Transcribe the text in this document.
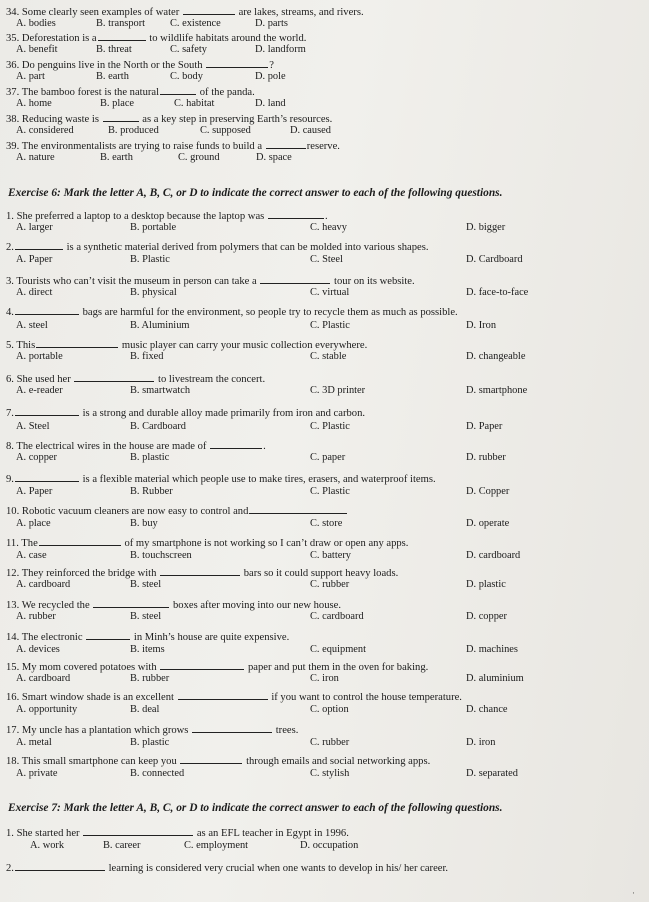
34. Some clearly seen examples of water	are lakes, streams, and rivers.
A. bodies	B. transport C. existence	D. parts
35. Deforestation is a	to wildlife habitats around the world.
A. benefit	B. threat	C. safety	D. landform
36. Do penguins live in the North or the South	?
A. part	B. earth	C. body	D. pole
37. The bamboo forest is the natural	of the panda.
A. home	B. place	C. habitat	D. land
38. Reducing waste is	as a key step in preserving Earth’s resources.
A. considered	B. produced	C. supposed	D. caused
39. The environmentalists are trying to raise funds to build a	reserve.
A. nature	B. earth	C. ground	D. space
Exercise 6: Mark the letter A, B, C, or D to indicate the correct answer to each of the following questions.
1. She preferred a laptop to a desktop because the laptop was	.
A. larger	B. portable	C. heavy	D. bigger
2.	is a synthetic material derived from polymers that can be molded into various shapes.
A. Paper	B. Plastic	C. Steel	D. Cardboard
3. Tourists who can’t visit the museum in person can take a	tour on its website.
A. direct	B. physical	C. virtual	D. face-to-face
4.	bags are harmful for the environment, so people try to recycle them as much as possible.
A. steel	B. Aluminium	C. Plastic	D. Iron
5. This	music player can carry your music collection everywhere.
A. portable	B. fixed	C. stable	D. changeable
6. She used her	to livestream the concert.
A. e-reader	B. smartwatch	C. 3D printer	D. smartphone
7.	is a strong and durable alloy made primarily from iron and carbon.
A. Steel	B. Cardboard	C. Plastic	D. Paper
8. The electrical wires in the house are made of	.
A. copper	B. plastic	C. paper	D. rubber
9.	is a flexible material which people use to make tires, erasers, and waterproof items.
A. Paper	B. Rubber	C. Plastic	D. Copper
10. Robotic vacuum cleaners are now easy to control and
A. place	B. buy	C. store	D. operate
11. The	of my smartphone is not working so I can’t draw or open any apps.
A. case	B. touchscreen	C. battery	D. cardboard
12. They reinforced the bridge with	bars so it could support heavy loads.
A. cardboard	B. steel	C. rubber	D. plastic
13. We recycled the	boxes after moving into our new house.
A. rubber	B. steel	C. cardboard	D. copper
14. The electronic	in Minh’s house are quite expensive.
A. devices	B. items	C. equipment	D. machines
15. My mom covered potatoes with	paper and put them in the oven for baking.
A. cardboard	B. rubber	C. iron	D. aluminium
16. Smart window shade is an excellent	if you want to control the house temperature.
A. opportunity	B. deal	C. option	D. chance
17. My uncle has a plantation which grows	trees.
A. metal	B. plastic	C. rubber	D. iron
18. This small smartphone can keep you	through emails and social networking apps.
A. private	B. connected	C. stylish	D. separated
Exercise 7: Mark the letter A, B, C, or D to indicate the correct answer to each of the following questions.
1. She started her	as an EFL teacher in Egypt in 1996.
A. work	B. career	C. employment	D. occupation
2.	learning is considered very crucial when one wants to develop in his/ her career.
·
